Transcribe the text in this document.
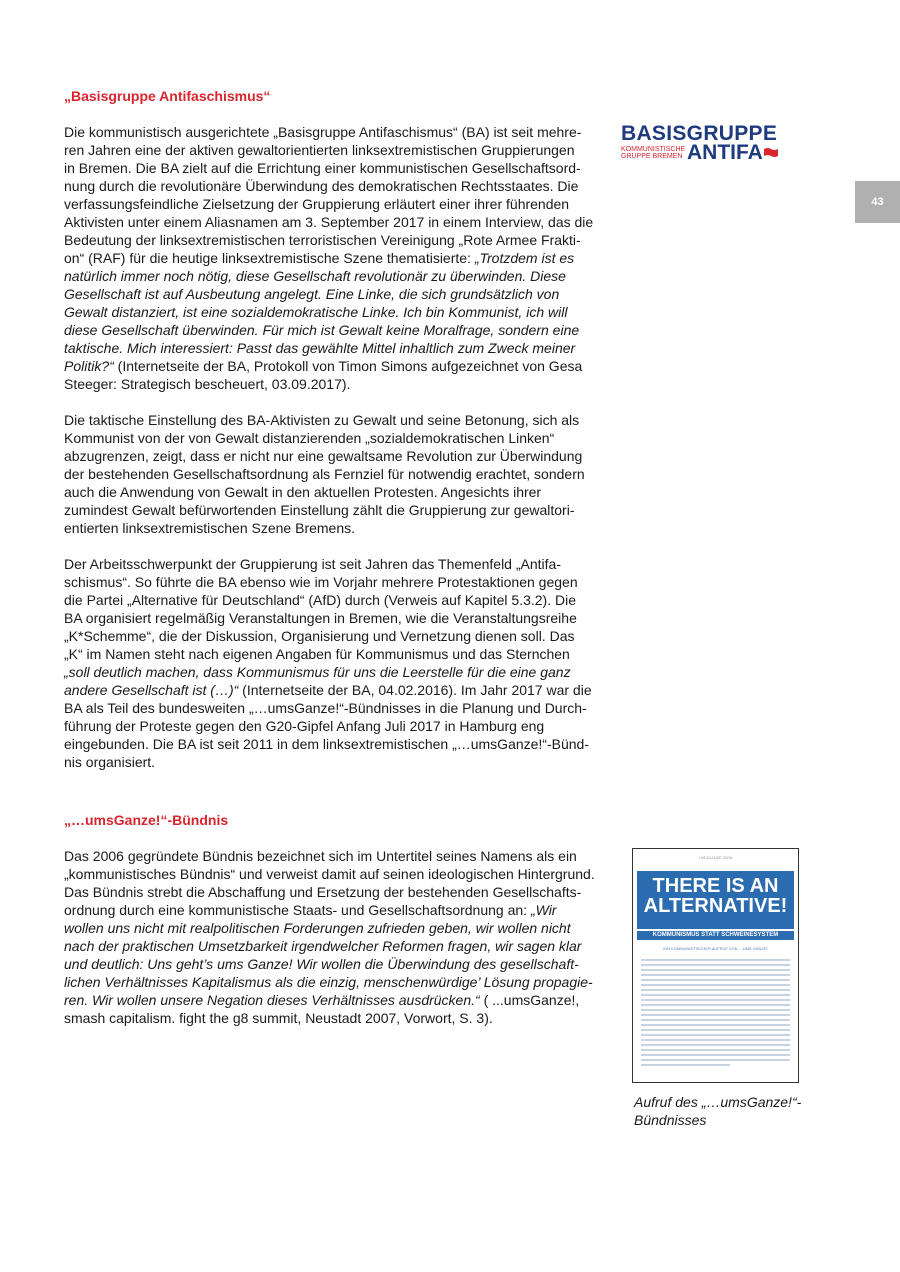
43

„Basisgruppe Antifaschismus“

Die kommunistisch ausgerichtete „Basisgruppe Antifaschismus“ (BA) ist seit mehre-
ren Jahren eine der aktiven gewaltorientierten linksextremistischen Gruppierungen
in Bremen. Die BA zielt auf die Errichtung einer kommunistischen Gesellschaftsord-
nung durch die revolutionäre Überwindung des demokratischen Rechtsstaates. Die
verfassungsfeindliche Zielsetzung der Gruppierung erläutert einer ihrer führenden
Aktivisten unter einem Aliasnamen am 3. September 2017 in einem Interview, das die
Bedeutung der linksextremistischen terroristischen Vereinigung „Rote Armee Frakti-
on“ (RAF) für die heutige linksextremistische Szene thematisierte: „Trotzdem ist es
natürlich immer noch nötig, diese Gesellschaft revolutionär zu überwinden. Diese
Gesellschaft ist auf Ausbeutung angelegt. Eine Linke, die sich grundsätzlich von
Gewalt distanziert, ist eine sozialdemokratische Linke. Ich bin Kommunist, ich will
diese Gesellschaft überwinden. Für mich ist Gewalt keine Moralfrage, sondern eine
taktische. Mich interessiert: Passt das gewählte Mittel inhaltlich zum Zweck meiner
Politik?“ (Internetseite der BA, Protokoll von Timon Simons aufgezeichnet von Gesa
Steeger: Strategisch bescheuert, 03.09.2017).

Die taktische Einstellung des BA-Aktivisten zu Gewalt und seine Betonung, sich als
Kommunist von der von Gewalt distanzierenden „sozialdemokratischen Linken“
abzugrenzen, zeigt, dass er nicht nur eine gewaltsame Revolution zur Überwindung
der bestehenden Gesellschaftsordnung als Fernziel für notwendig erachtet, sondern
auch die Anwendung von Gewalt in den aktuellen Protesten. Angesichts ihrer
zumindest Gewalt befürwortenden Einstellung zählt die Gruppierung zur gewaltori-
entierten linksextremistischen Szene Bremens.

Der Arbeitsschwerpunkt der Gruppierung ist seit Jahren das Themenfeld „Antifa-
schismus“. So führte die BA ebenso wie im Vorjahr mehrere Protestaktionen gegen
die Partei „Alternative für Deutschland“ (AfD) durch (Verweis auf Kapitel 5.3.2). Die
BA organisiert regelmäßig Veranstaltungen in Bremen, wie die Veranstaltungsreihe
„K*Schemme“, die der Diskussion, Organisierung und Vernetzung dienen soll. Das
„K“ im Namen steht nach eigenen Angaben für Kommunismus und das Sternchen
„soll deutlich machen, dass Kommunismus für uns die Leerstelle für die eine ganz
andere Gesellschaft ist (…)“ (Internetseite der BA, 04.02.2016). Im Jahr 2017 war die
BA als Teil des bundesweiten „…umsGanze!“-Bündnisses in die Planung und Durch-
führung der Proteste gegen den G20-Gipfel Anfang Juli 2017 in Hamburg eng
eingebunden. Die BA ist seit 2011 in dem linksextremistischen „…umsGanze!“-Bünd-
nis organisiert.

„…umsGanze!“-Bündnis

Das 2006 gegründete Bündnis bezeichnet sich im Untertitel seines Namens als ein
„kommunistisches Bündnis“ und verweist damit auf seinen ideologischen Hintergrund.
Das Bündnis strebt die Abschaffung und Ersetzung der bestehenden Gesellschafts-
ordnung durch eine kommunistische Staats- und Gesellschaftsordnung an: „Wir
wollen uns nicht mit realpolitischen Forderungen zufrieden geben, wir wollen nicht
nach der praktischen Umsetzbarkeit irgendwelcher Reformen fragen, wir sagen klar
und deutlich: Uns geht’s ums Ganze! Wir wollen die Überwindung des gesellschaft-
lichen Verhältnisses Kapitalismus als die einzig, menschenwürdige’ Lösung propagie-
ren. Wir wollen unsere Negation dieses Verhältnisses ausdrücken.“ ( ...umsGanze!,
smash capitalism. fight the g8 summit, Neustadt 2007, Vorwort, S. 3).

BASISGRUPPE
KOMMUNISTISCHE
GRUPPE BREMEN ANTIFA
UMSGANZE 2008
THERE IS AN
ALTERNATIVE!
KOMMUNISMUS STATT SCHWEINESYSTEM
EIN KOMMUNISTISCHER AUFRUF VON …UMS GANZE!
Aufruf des „…umsGanze!“-
Bündnisses
